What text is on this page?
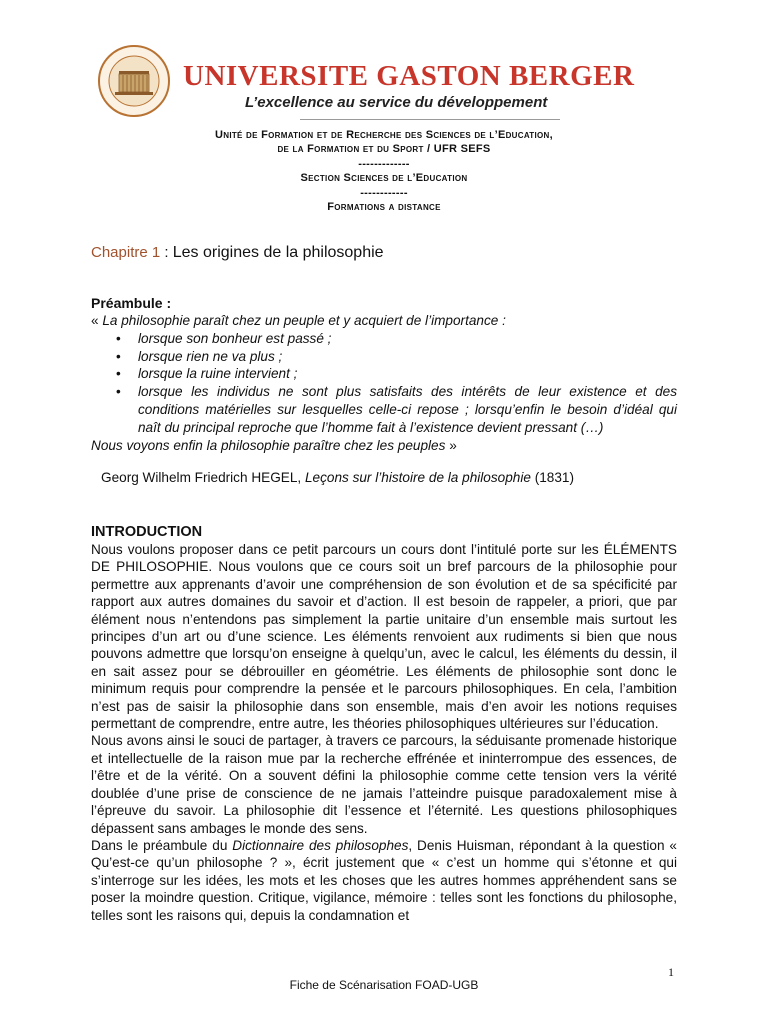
UNIVERSITE GASTON BERGER
L’excellence au service du développement
Unité de Formation et de Recherche des Sciences de l’Education,
de la Formation et du Sport / UFR SEFS
-------------
Section Sciences de l’Education
------------
Formations a distance
Chapitre 1 : Les origines de la philosophie
Préambule :
« La philosophie paraît chez un peuple et y acquiert de l’importance :
• lorsque son bonheur est passé ;
• lorsque rien ne va plus ;
• lorsque la ruine intervient ;
• lorsque les individus ne sont plus satisfaits des intérêts de leur existence et des conditions matérielles sur lesquelles celle-ci repose ; lorsqu’enfin le besoin d’idéal qui naît du principal reproche que l’homme fait à l’existence devient pressant (…)
Nous voyons enfin la philosophie paraître chez les peuples »
Georg Wilhelm Friedrich HEGEL, Leçons sur l’histoire de la philosophie (1831)
INTRODUCTION

Nous voulons proposer dans ce petit parcours un cours dont l’intitulé porte sur les ÉLÉMENTS DE PHILOSOPHIE. Nous voulons que ce cours soit un bref parcours de la philosophie pour permettre aux apprenants d’avoir une compréhension de son évolution et de sa spécificité par rapport aux autres domaines du savoir et d’action. Il est besoin de rappeler, a priori, que par élément nous n’entendons pas simplement la partie unitaire d’un ensemble mais surtout les principes d’un art ou d’une science. Les éléments renvoient aux rudiments si bien que nous pouvons admettre que lorsqu’on enseigne à quelqu’un, avec le calcul, les éléments du dessin, il en sait assez pour se débrouiller en géométrie. Les éléments de philosophie sont donc le minimum requis pour comprendre la pensée et le parcours philosophiques. En cela, l’ambition n’est pas de saisir la philosophie dans son ensemble, mais d’en avoir les notions requises permettant de comprendre, entre autre, les théories philosophiques ultérieures sur l’éducation.

Nous avons ainsi le souci de partager, à travers ce parcours, la séduisante promenade historique et intellectuelle de la raison mue par la recherche effrénée et ininterrompue des essences, de l’être et de la vérité. On a souvent défini la philosophie comme cette tension vers la vérité doublée d’une prise de conscience de ne jamais l’atteindre puisque paradoxalement mise à l’épreuve du savoir. La philosophie dit l’essence et l’éternité. Les questions philosophiques dépassent sans ambages le monde des sens.

Dans le préambule du Dictionnaire des philosophes, Denis Huisman, répondant à la question « Qu’est-ce qu’un philosophe ? », écrit justement que « c’est un homme qui s’étonne et qui s’interroge sur les idées, les mots et les choses que les autres hommes appréhendent sans se poser la moindre question. Critique, vigilance, mémoire : telles sont les fonctions du philosophe, telles sont les raisons qui, depuis la condamnation et

1
Fiche de Scénarisation FOAD-UGB
